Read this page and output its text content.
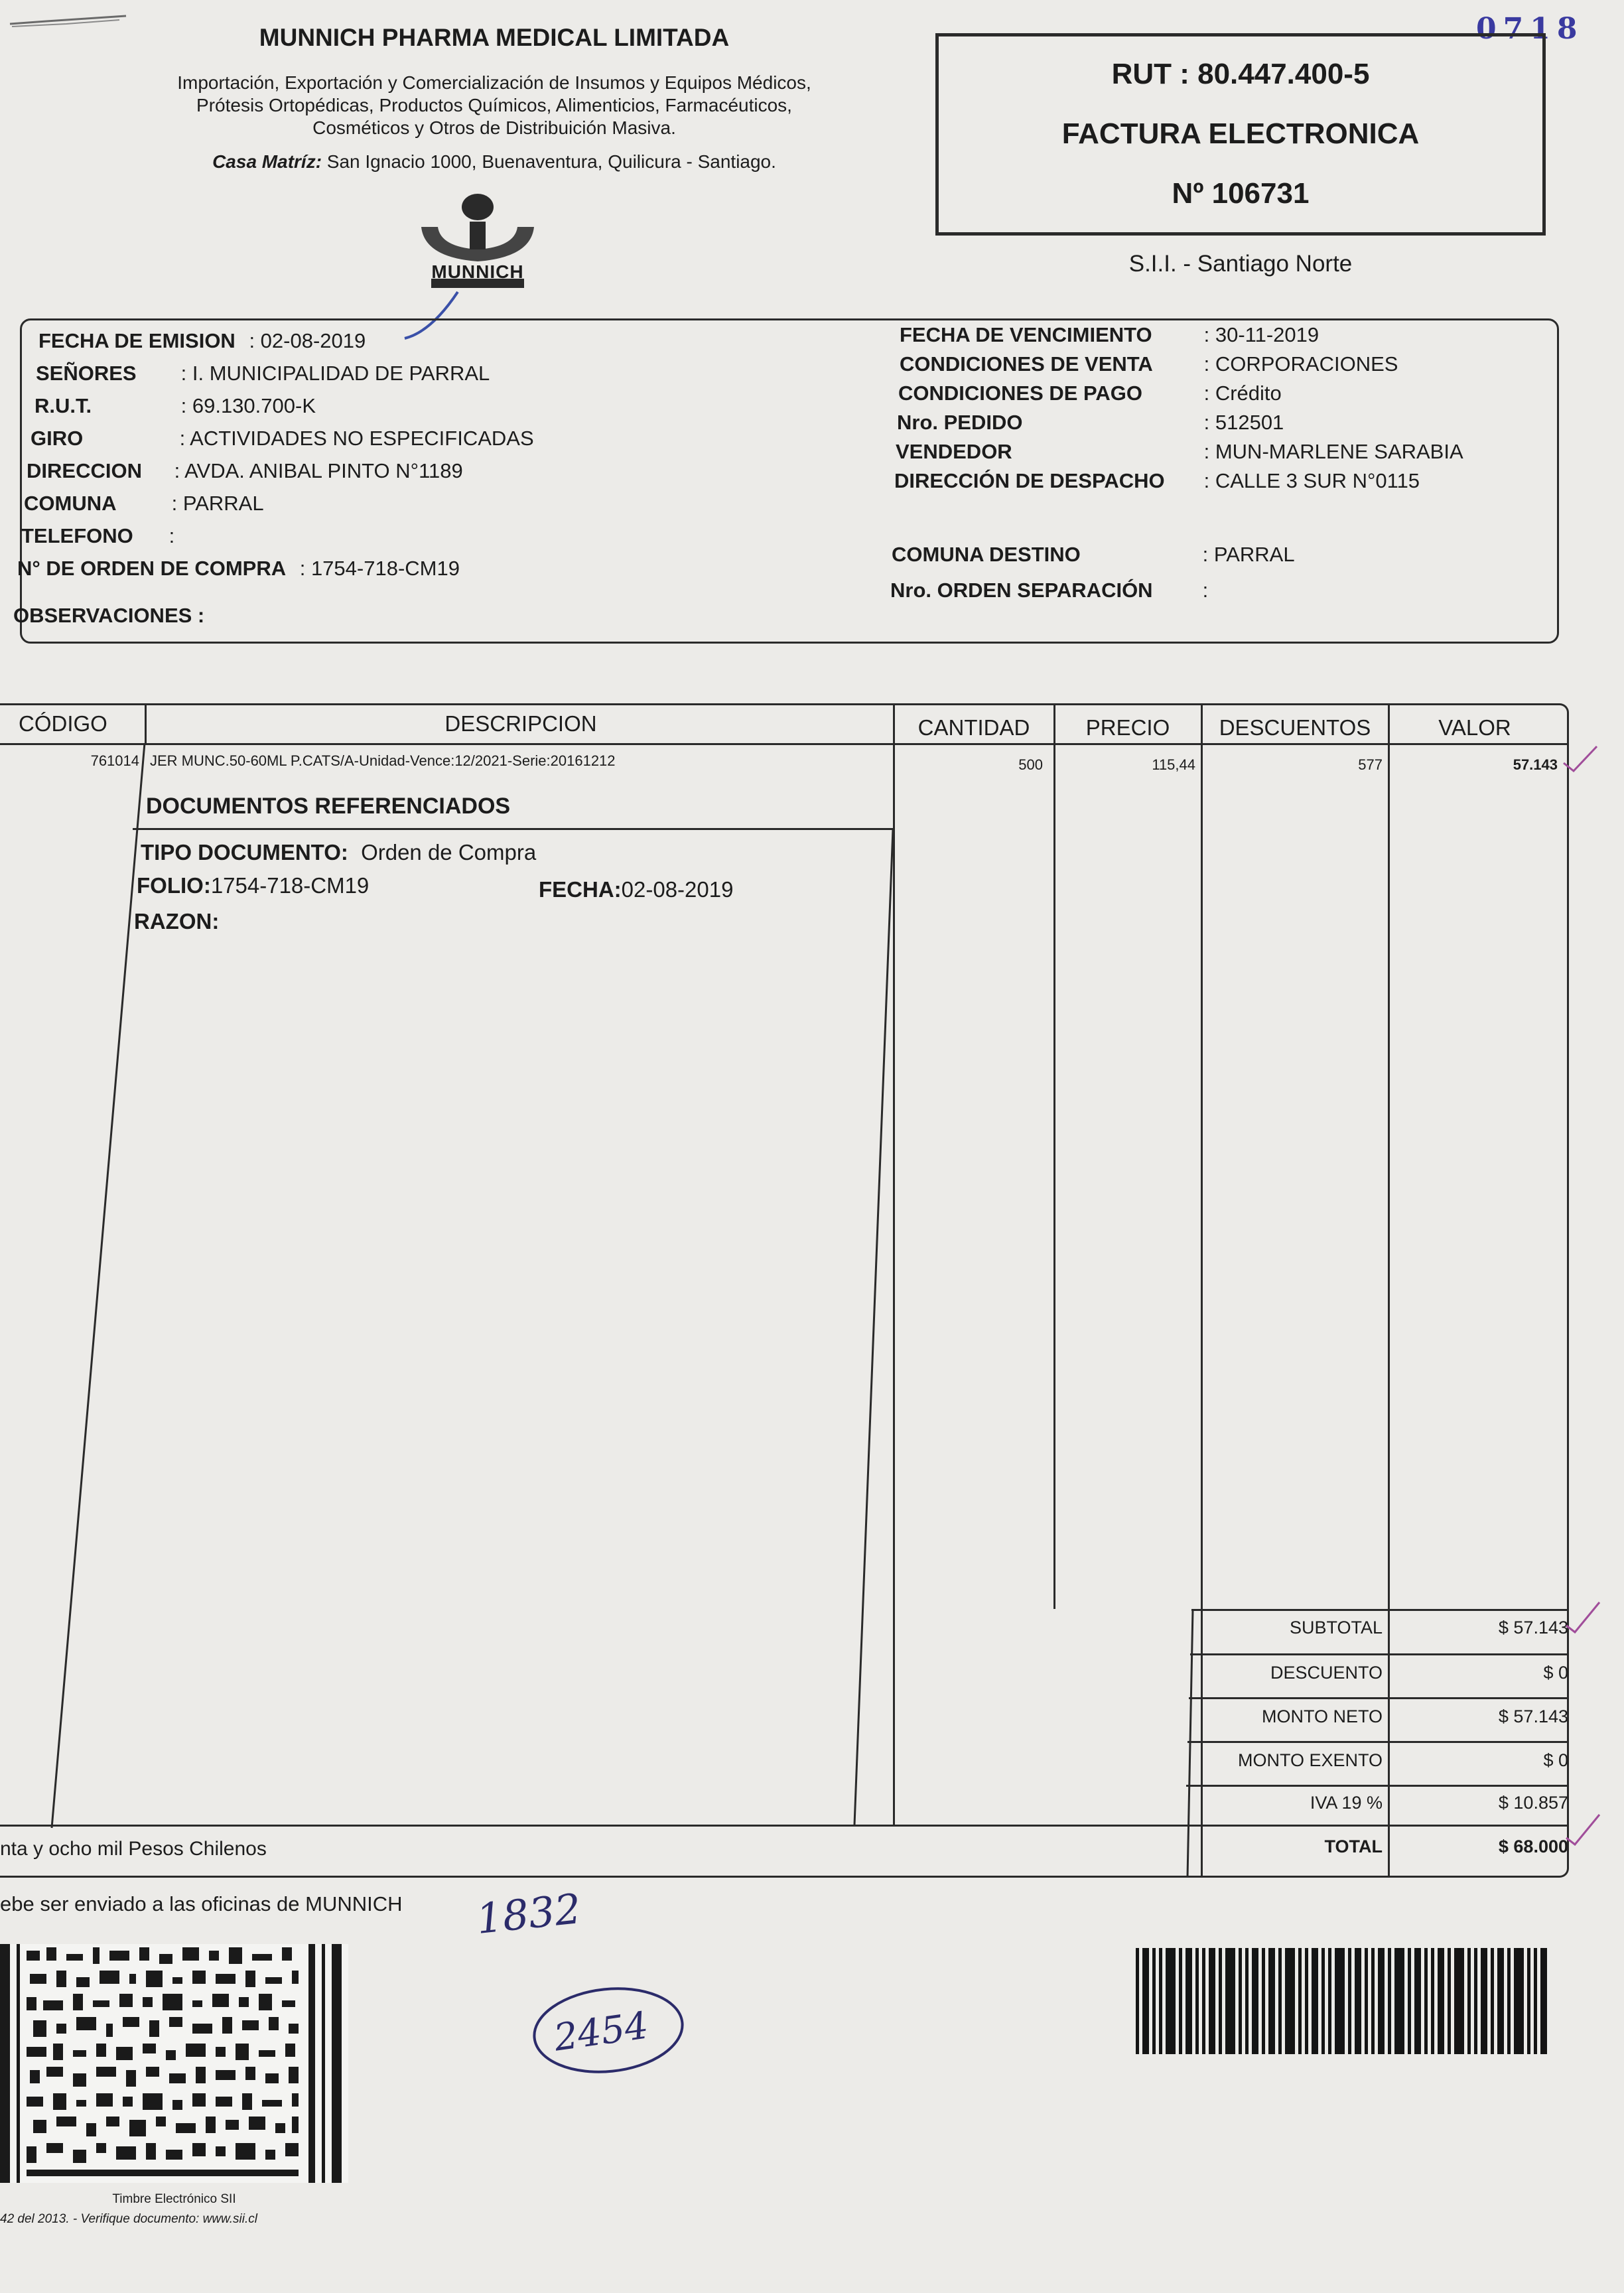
0718
MUNNICH PHARMA MEDICAL LIMITADA
Importación, Exportación y Comercialización de Insumos y Equipos Médicos,
Prótesis Ortopédicas, Productos Químicos, Alimenticios, Farmacéuticos,
Cosméticos y Otros de Distribuición Masiva.
Casa Matríz: San Ignacio 1000, Buenaventura, Quilicura - Santiago.
MUNNICH
RUT : 80.447.400-5
FACTURA ELECTRONICA
Nº 106731
S.I.I. - Santiago Norte
FECHA DE EMISION : 02-08-2019
SEÑORES : I. MUNICIPALIDAD DE PARRAL
R.U.T.	: 69.130.700-K
GIRO	: ACTIVIDADES NO ESPECIFICADAS
DIRECCION : AVDA. ANIBAL PINTO N°1189
COMUNA	: PARRAL
TELEFONO :
N° DE ORDEN DE COMPRA : 1754-718-CM19
OBSERVACIONES :
FECHA DE VENCIMIENTO	: 30-11-2019
CONDICIONES DE VENTA : CORPORACIONES
CONDICIONES DE PAGO	: Crédito
Nro. PEDIDO	: 512501
VENDEDOR	: MUN-MARLENE SARABIA
DIRECCIÓN DE DESPACHO : CALLE 3 SUR N°0115
COMUNA DESTINO	: PARRAL
Nro. ORDEN SEPARACIÓN :
CÓDIGO	DESCRIPCION	CANTIDAD	PRECIO	DESCUENTOS	VALOR
761014 JER MUNC.50-60ML P.CATS/A-Unidad-Vence:12/2021-Serie:20161212	500	115,44	577	57.143
DOCUMENTOS REFERENCIADOS
TIPO DOCUMENTO: Orden de Compra
FOLIO:1754-718-CM19	FECHA:02-08-2019
RAZON:
SUBTOTAL	$ 57.143
DESCUENTO	$ 0
MONTO NETO	$ 57.143
MONTO EXENTO	$ 0
IVA 19 %	$ 10.857
TOTAL	$ 68.000
nta y ocho mil Pesos Chilenos
ebe ser enviado a las oficinas de MUNNICH 1832
2454
Timbre Electrónico SII
42 del 2013. - Verifique documento: www.sii.cl
